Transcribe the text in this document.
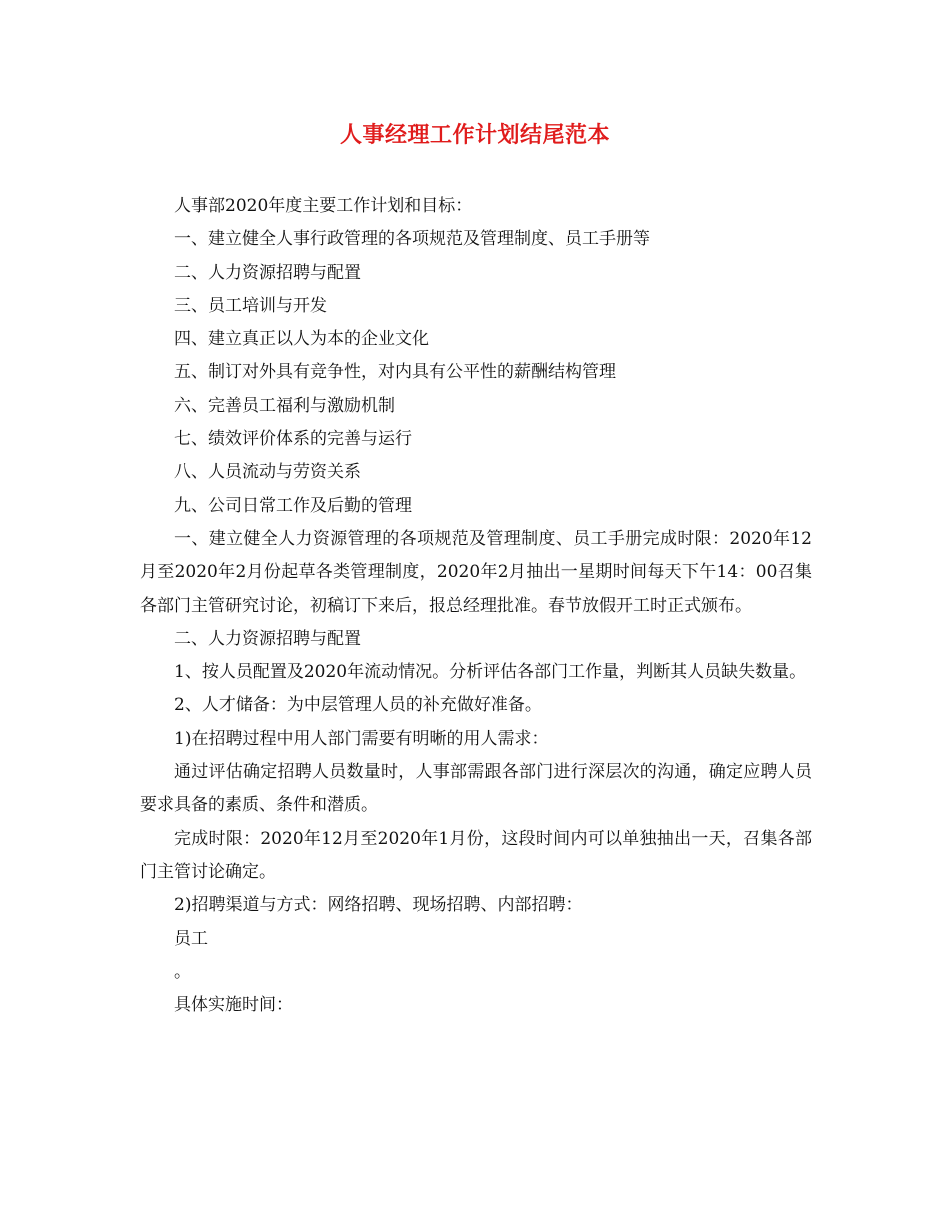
人事经理工作计划结尾范本

人事部2020年度主要工作计划和目标：

一、建立健全人事行政管理的各项规范及管理制度、员工手册等

二、人力资源招聘与配置

三、员工培训与开发

四、建立真正以人为本的企业文化

五、制订对外具有竞争性，对内具有公平性的薪酬结构管理

六、完善员工福利与激励机制

七、绩效评价体系的完善与运行

八、人员流动与劳资关系

九、公司日常工作及后勤的管理

一、建立健全人力资源管理的各项规范及管理制度、员工手册完成时限：2020年12月至2020年2月份起草各类管理制度，2020年2月抽出一星期时间每天下午14：00召集各部门主管研究讨论，初稿订下来后，报总经理批准。春节放假开工时正式颁布。

二、人力资源招聘与配置

1、按人员配置及2020年流动情况。分析评估各部门工作量，判断其人员缺失数量。

2、人才储备：为中层管理人员的补充做好准备。

1)在招聘过程中用人部门需要有明晰的用人需求：

通过评估确定招聘人员数量时，人事部需跟各部门进行深层次的沟通，确定应聘人员要求具备的素质、条件和潜质。

完成时限：2020年12月至2020年1月份，这段时间内可以单独抽出一天，召集各部门主管讨论确定。

2)招聘渠道与方式：网络招聘、现场招聘、内部招聘：

员工

。

具体实施时间：
